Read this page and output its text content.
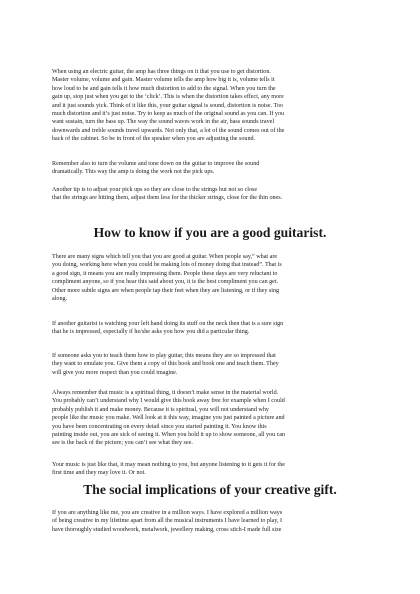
When using an electric guitar, the amp has three things on it that you use to get distortion.
Master volume, volume and gain. Master volume tells the amp how big it is, volume tells it
how loud to be and gain tells it how much distortion to add to the signal. When you turn the
gain up, stop just when you get to the ‘click’. This is when the distortion takes effect, any more
and it just sounds yick. Think of it like this, your guitar signal is sound, distortion is noise. Too
much distortion and it’s just noise. Try to keep as much of the original sound as you can. If you
want sustain, turn the bass up. The way the sound waves work in the air, bass sounds travel
downwards and treble sounds travel upwards. Not only that, a lot of the sound comes out of the
back of the cabinet. So be in front of the speaker when you are adjusting the sound.
Remember also to turn the volume and tone down on the guitar to improve the sound
dramatically. This way the amp is doing the work not the pick ups.
Another tip is to adjust your pick ups so they are close to the strings but not so close
that the strings are hitting them, adjust them less for the thicker strings, close for the thin ones.
How to know if you are a good guitarist.
There are many signs which tell you that you are good at guitar. When people say,” what are
you doing, working here when you could be making lots of money doing that instead”. That is
a good sign, it means you are really impressing them. People these days are very reluctant to
compliment anyone, so if you hear this said about you, it is the best compliment you can get.
Other more subtle signs are when people tap their feet when they are listening, or if they sing
along.
If another guitarist is watching your left hand doing its stuff on the neck then that is a sure sign
that he is impressed, especially if he/she asks you how you did a particular thing.
If someone asks you to teach them how to play guitar, this means they are so impressed that
they want to emulate you. Give them a copy of this book and book one and teach them. They
will give you more respect than you could imagine.
Always remember that music is a spiritual thing, it doesn’t make sense in the material world.
You probably can’t understand why I would give this book away free for example when I could
probably publish it and make money. Because it is spiritual, you will not understand why
people like the music you make. Well look at it this way, imagine you just painted a picture and
you have been concentrating on every detail since you started painting it. You know this
painting inside out, you are sick of seeing it. When you hold it up to show someone, all you can
see is the back of the picture; you can’t see what they see.
Your music is just like that, it may mean nothing to you, but anyone listening to it gets it for the
first time and they may love it. Or not.
The social implications of your creative gift.
If you are anything like me, you are creative in a million ways. I have explored a million ways
of being creative in my lifetime apart from all the musical instruments I have learned to play, I
have thoroughly studied woodwork, metalwork, jewellery making, cross stich-I made full size
